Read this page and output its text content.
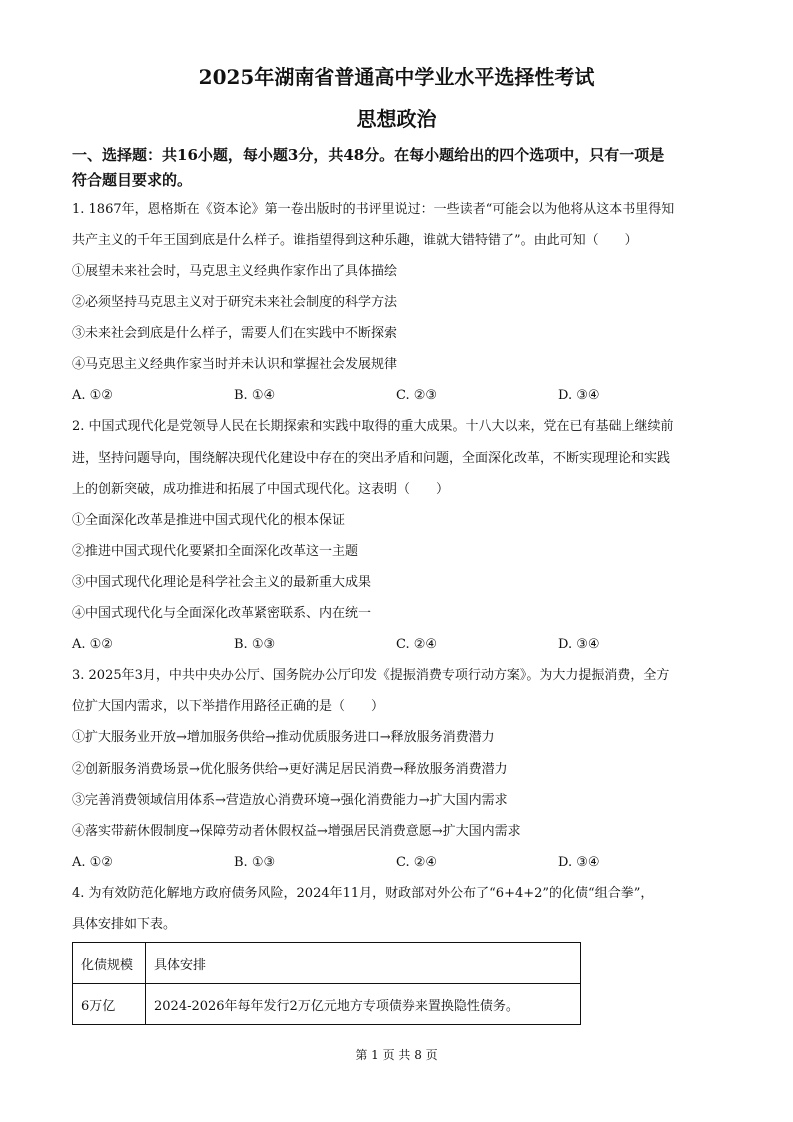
2025年湖南省普通高中学业水平选择性考试
思想政治
一、选择题：共16小题，每小题3分，共48分。在每小题给出的四个选项中，只有一项是
符合题目要求的。
1. 1867年，恩格斯在《资本论》第一卷出版时的书评里说过：一些读者“可能会以为他将从这本书里得知
共产主义的千年王国到底是什么样子。谁指望得到这种乐趣，谁就大错特错了”。由此可知（　　）
①展望未来社会时，马克思主义经典作家作出了具体描绘
②必须坚持马克思主义对于研究未来社会制度的科学方法
③未来社会到底是什么样子，需要人们在实践中不断探索
④马克思主义经典作家当时并未认识和掌握社会发展规律
A. ①②	B. ①④	C. ②③	D. ③④
2. 中国式现代化是党领导人民在长期探索和实践中取得的重大成果。十八大以来，党在已有基础上继续前
进，坚持问题导向，围绕解决现代化建设中存在的突出矛盾和问题，全面深化改革，不断实现理论和实践
上的创新突破，成功推进和拓展了中国式现代化。这表明（　　）
①全面深化改革是推进中国式现代化的根本保证
②推进中国式现代化要紧扣全面深化改革这一主题
③中国式现代化理论是科学社会主义的最新重大成果
④中国式现代化与全面深化改革紧密联系、内在统一
A. ①②	B. ①③	C. ②④	D. ③④
3. 2025年3月，中共中央办公厅、国务院办公厅印发《提振消费专项行动方案》。为大力提振消费，全方
位扩大国内需求，以下举措作用路径正确的是（　　）
①扩大服务业开放→增加服务供给→推动优质服务进口→释放服务消费潜力
②创新服务消费场景→优化服务供给→更好满足居民消费→释放服务消费潜力
③完善消费领域信用体系→营造放心消费环境→强化消费能力→扩大国内需求
④落实带薪休假制度→保障劳动者休假权益→增强居民消费意愿→扩大国内需求
A. ①②	B. ①③	C. ②④	D. ③④
4. 为有效防范化解地方政府债务风险，2024年11月，财政部对外公布了“6+4+2”的化债“组合拳”，
具体安排如下表。
化债规模	具体安排
6万亿	2024-2026年每年发行2万亿元地方专项债券来置换隐性债务。
第 1 页 共 8 页
